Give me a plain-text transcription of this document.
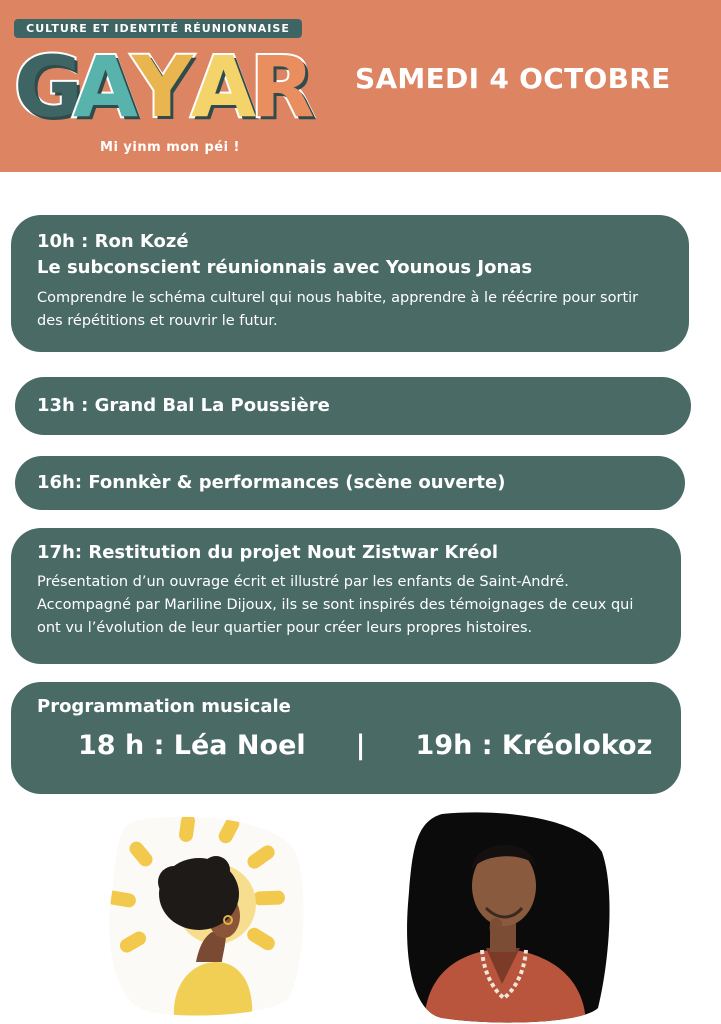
CULTURE ET IDENTITÉ RÉUNIONNAISE
G
A
Y
A
R
Mi yinm mon péi !
SAMEDI 4 OCTOBRE
10h : Ron Kozé
Le subconscient réunionnais avec Younous Jonas
Comprendre le schéma culturel qui nous habite, apprendre à le réécrire pour sortir des répétitions et rouvrir le futur.
13h : Grand Bal La Poussière
16h: Fonnkèr & performances (scène ouverte)
17h: Restitution du projet Nout Zistwar Kréol
Présentation d’un ouvrage écrit et illustré par les enfants de Saint-André. Accompagné par Mariline Dijoux, ils se sont inspirés des témoignages de ceux qui ont vu l’évolution de leur quartier pour créer leurs propres histoires.
Programmation musicale
18 h : Léa Noel | 19h : Kréolokoz
